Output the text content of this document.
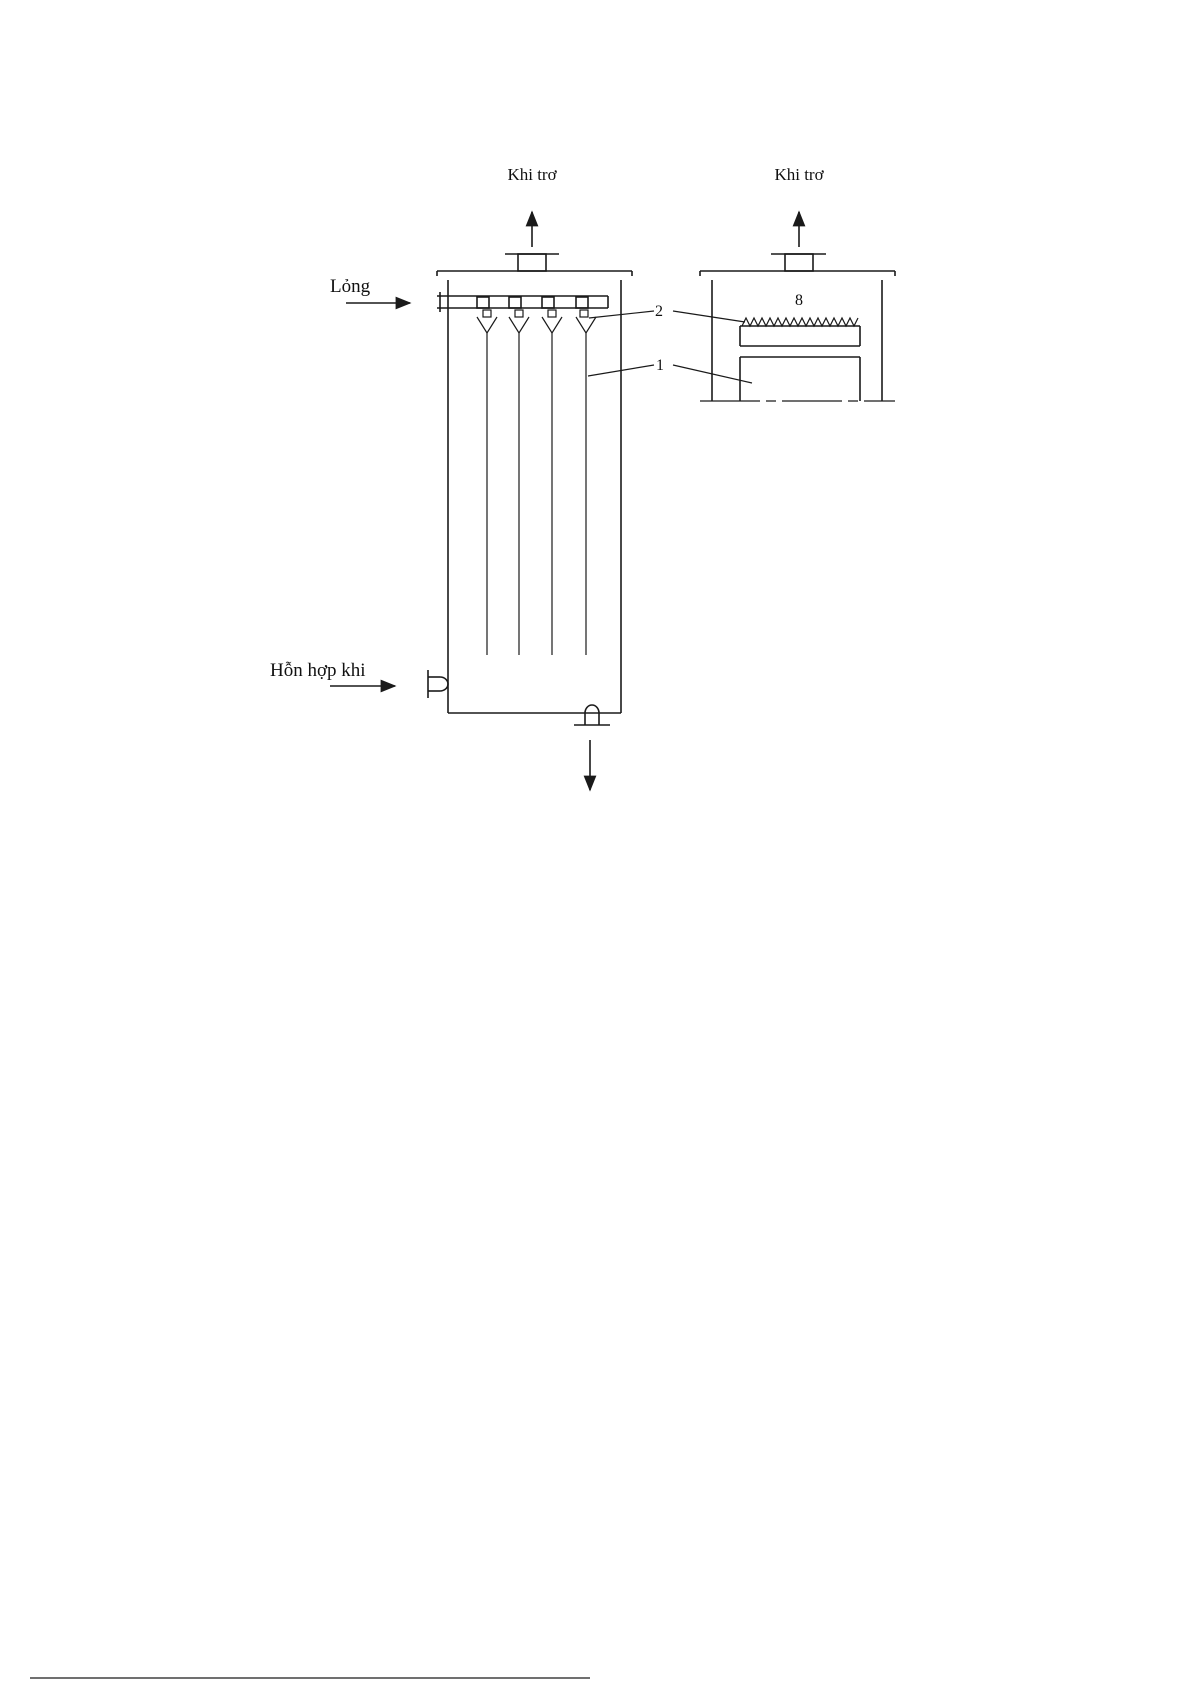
8
Khi trơ	Khi trơ
Lỏng
Hỗn hợp khi
2
1
